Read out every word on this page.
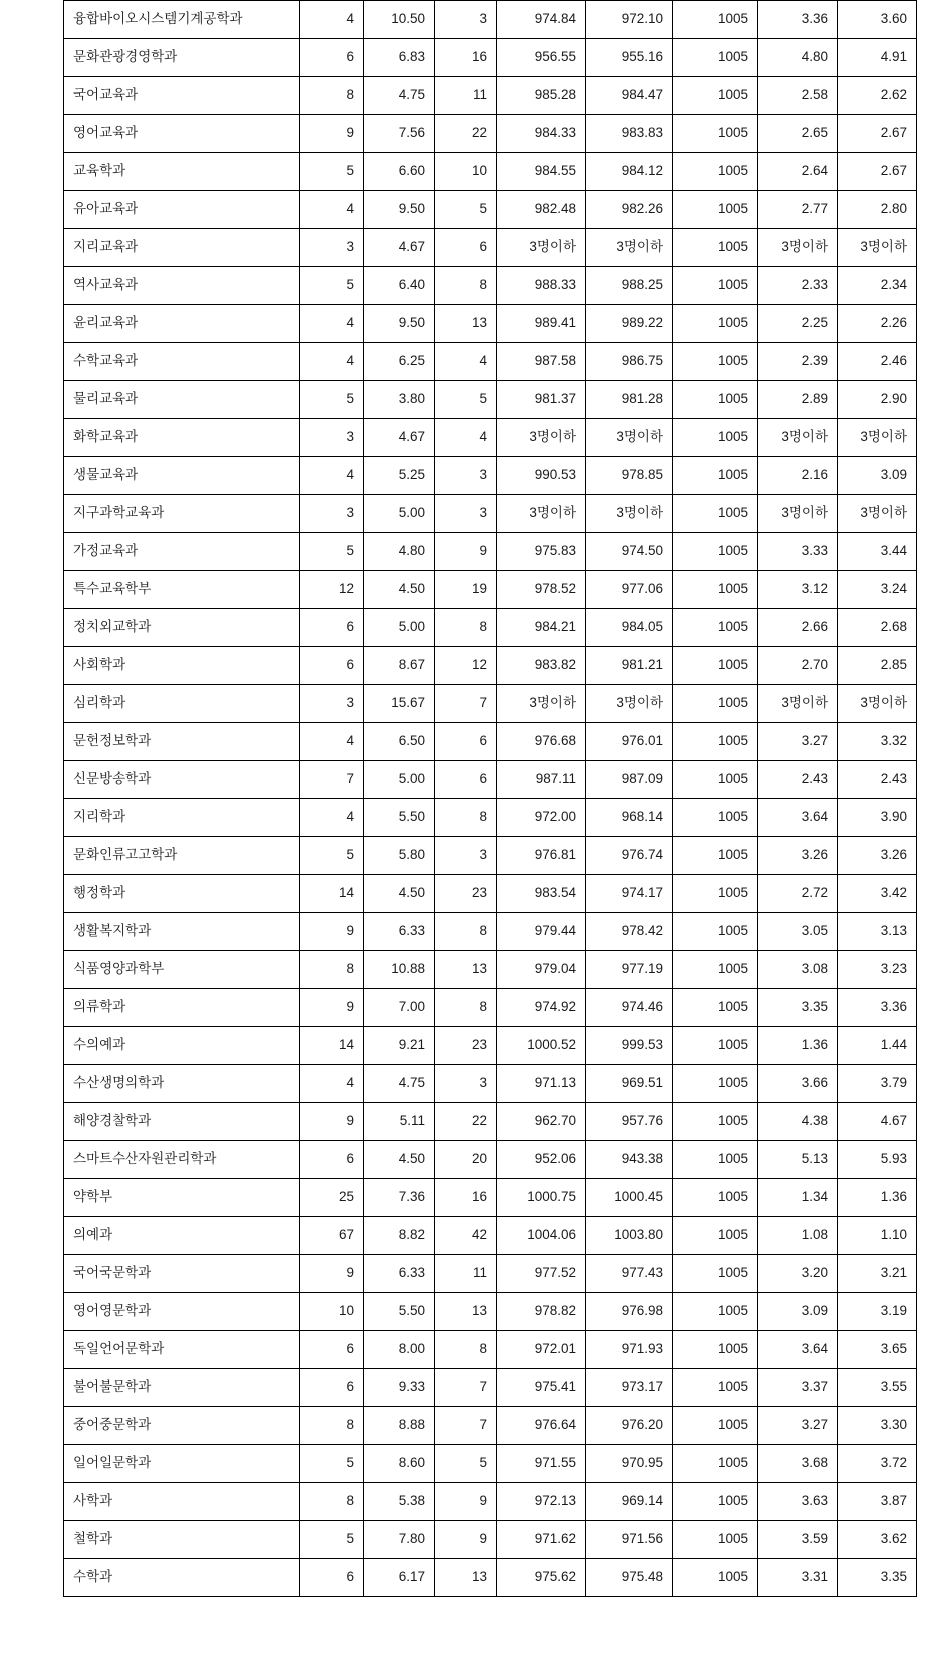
융합바이오시스템기계공학과	4	10.50	3	974.84	972.10	1005	3.36	3.60
문화관광경영학과	6	6.83	16	956.55	955.16	1005	4.80	4.91
국어교육과	8	4.75	11	985.28	984.47	1005	2.58	2.62
영어교육과	9	7.56	22	984.33	983.83	1005	2.65	2.67
교육학과	5	6.60	10	984.55	984.12	1005	2.64	2.67
유아교육과	4	9.50	5	982.48	982.26	1005	2.77	2.80
지리교육과	3	4.67	6	3명이하	3명이하	1005	3명이하	3명이하
역사교육과	5	6.40	8	988.33	988.25	1005	2.33	2.34
윤리교육과	4	9.50	13	989.41	989.22	1005	2.25	2.26
수학교육과	4	6.25	4	987.58	986.75	1005	2.39	2.46
물리교육과	5	3.80	5	981.37	981.28	1005	2.89	2.90
화학교육과	3	4.67	4	3명이하	3명이하	1005	3명이하	3명이하
생물교육과	4	5.25	3	990.53	978.85	1005	2.16	3.09
지구과학교육과	3	5.00	3	3명이하	3명이하	1005	3명이하	3명이하
가정교육과	5	4.80	9	975.83	974.50	1005	3.33	3.44
특수교육학부	12	4.50	19	978.52	977.06	1005	3.12	3.24
정치외교학과	6	5.00	8	984.21	984.05	1005	2.66	2.68
사회학과	6	8.67	12	983.82	981.21	1005	2.70	2.85
심리학과	3	15.67	7	3명이하	3명이하	1005	3명이하	3명이하
문헌정보학과	4	6.50	6	976.68	976.01	1005	3.27	3.32
신문방송학과	7	5.00	6	987.11	987.09	1005	2.43	2.43
지리학과	4	5.50	8	972.00	968.14	1005	3.64	3.90
문화인류고고학과	5	5.80	3	976.81	976.74	1005	3.26	3.26
행정학과	14	4.50	23	983.54	974.17	1005	2.72	3.42
생활복지학과	9	6.33	8	979.44	978.42	1005	3.05	3.13
식품영양과학부	8	10.88	13	979.04	977.19	1005	3.08	3.23
의류학과	9	7.00	8	974.92	974.46	1005	3.35	3.36
수의예과	14	9.21	23	1000.52	999.53	1005	1.36	1.44
수산생명의학과	4	4.75	3	971.13	969.51	1005	3.66	3.79
해양경찰학과	9	5.11	22	962.70	957.76	1005	4.38	4.67
스마트수산자원관리학과	6	4.50	20	952.06	943.38	1005	5.13	5.93
약학부	25	7.36	16	1000.75	1000.45	1005	1.34	1.36
의예과	67	8.82	42	1004.06	1003.80	1005	1.08	1.10
국어국문학과	9	6.33	11	977.52	977.43	1005	3.20	3.21
영어영문학과	10	5.50	13	978.82	976.98	1005	3.09	3.19
독일언어문학과	6	8.00	8	972.01	971.93	1005	3.64	3.65
불어불문학과	6	9.33	7	975.41	973.17	1005	3.37	3.55
중어중문학과	8	8.88	7	976.64	976.20	1005	3.27	3.30
일어일문학과	5	8.60	5	971.55	970.95	1005	3.68	3.72
사학과	8	5.38	9	972.13	969.14	1005	3.63	3.87
철학과	5	7.80	9	971.62	971.56	1005	3.59	3.62
수학과	6	6.17	13	975.62	975.48	1005	3.31	3.35
